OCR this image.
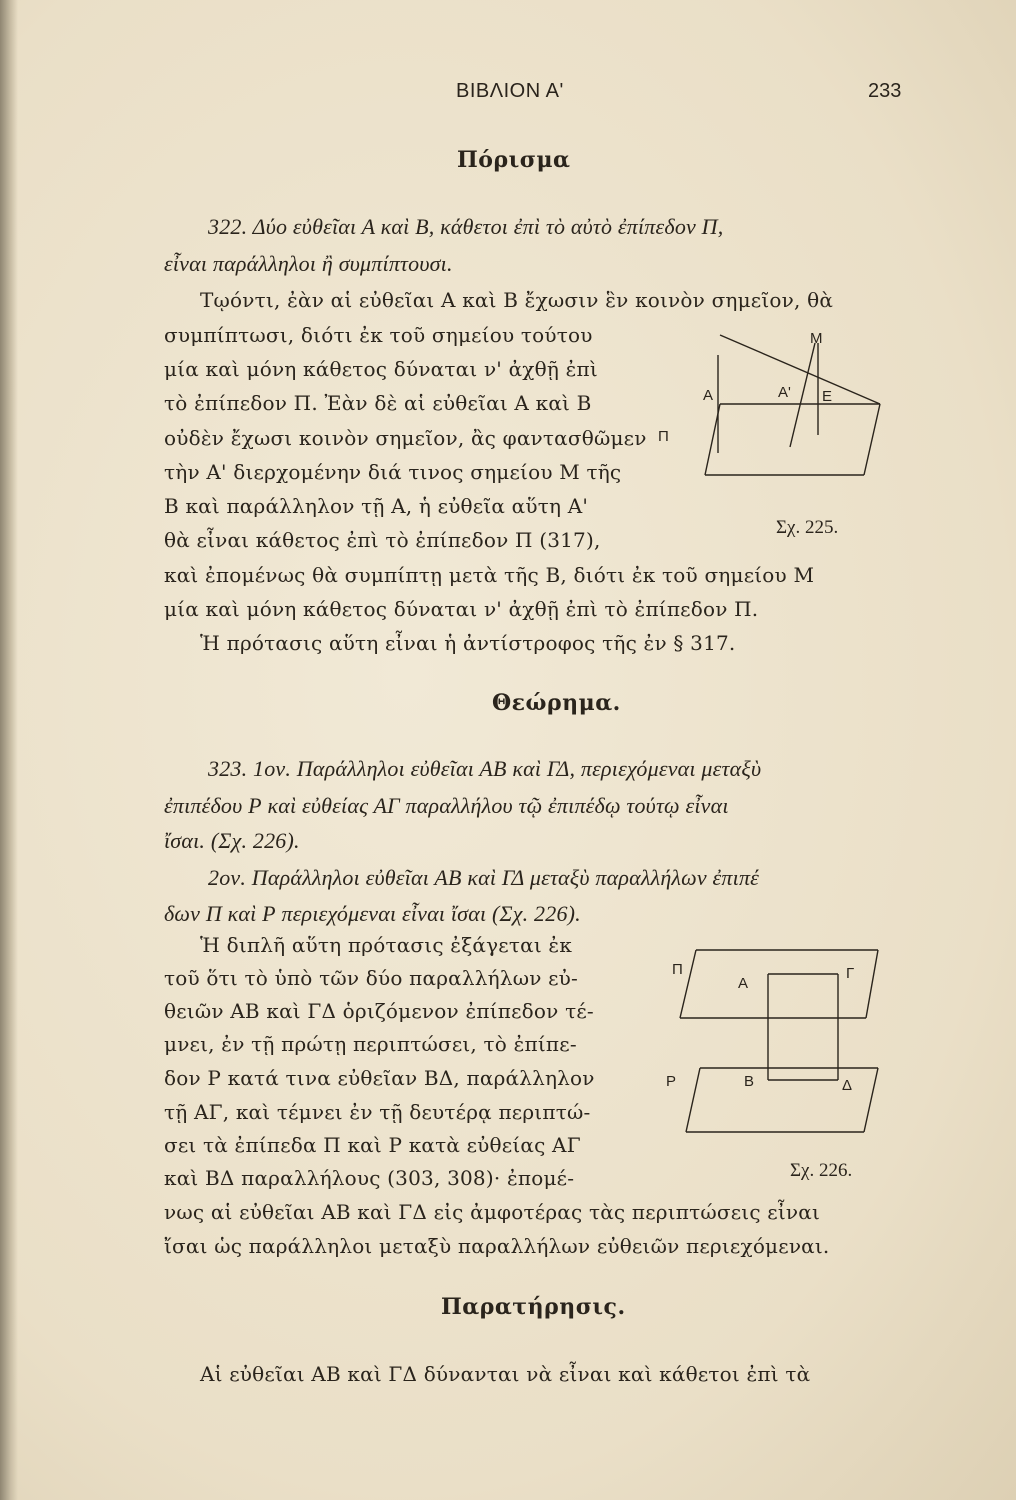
ΒΙΒΛΙΟΝ Α'	233
Πόρισμα
322. Δύο εὐθεῖαι Α καὶ Β, κάθετοι ἐπὶ τὸ αὐτὸ ἐπίπεδον Π,
εἶναι παράλληλοι ἢ συμπίπτουσι.
Τῳόντι, ἐὰν αἱ εὐθεῖαι Α καὶ Β ἔχωσιν ἓν κοινὸν σημεῖον, θὰ
συμπίπτωσι, διότι ἐκ τοῦ σημείου τούτου
μία καὶ μόνη κάθετος δύναται ν' ἀχθῇ ἐπὶ
τὸ ἐπίπεδον Π. Ἐὰν δὲ αἱ εὐθεῖαι Α καὶ Β
οὐδὲν ἔχωσι κοινὸν σημεῖον, ἂς φαντασθῶμεν
τὴν Α' διερχομένην διά τινος σημείου Μ τῆς
Β καὶ παράλληλον τῇ Α, ἡ εὐθεῖα αὕτη Α'
θὰ εἶναι κάθετος ἐπὶ τὸ ἐπίπεδον Π (317),
καὶ ἐπομένως θὰ συμπίπτῃ μετὰ τῆς Β, διότι ἐκ τοῦ σημείου Μ
μία καὶ μόνη κάθετος δύναται ν' ἀχθῇ ἐπὶ τὸ ἐπίπεδον Π.
Ἡ πρότασις αὕτη εἶναι ἡ ἀντίστροφος τῆς ἐν § 317.
A	A' E
M
Π
Σχ. 225.
Θεώρημα.
323. 1ον. Παράλληλοι εὐθεῖαι ΑΒ καὶ ΓΔ, περιεχόμεναι μεταξὺ
ἐπιπέδου Ρ καὶ εὐθείας ΑΓ παραλλήλου τῷ ἐπιπέδῳ τούτῳ εἶναι
ἴσαι. (Σχ. 226).
2ον. Παράλληλοι εὐθεῖαι ΑΒ καὶ ΓΔ μεταξὺ παραλλήλων ἐπιπέ
δων Π καὶ Ρ περιεχόμεναι εἶναι ἴσαι (Σχ. 226).
Ἡ διπλῆ αὕτη πρότασις ἐξάγεται ἐκ
τοῦ ὅτι τὸ ὑπὸ τῶν δύο παραλλήλων εὐ-
θειῶν ΑΒ καὶ ΓΔ ὁριζόμενον ἐπίπεδον τέ-
μνει, ἐν τῇ πρώτῃ περιπτώσει, τὸ ἐπίπε-
δον Ρ κατά τινα εὐθεῖαν ΒΔ, παράλληλον
τῇ ΑΓ, καὶ τέμνει ἐν τῇ δευτέρᾳ περιπτώ-
σει τὰ ἐπίπεδα Π καὶ Ρ κατὰ εὐθείας ΑΓ
καὶ ΒΔ παραλλήλους (303, 308)· ἐπομέ-
νως αἱ εὐθεῖαι ΑΒ καὶ ΓΔ εἰς ἀμφοτέρας τὰς περιπτώσεις εἶναι
ἴσαι ὡς παράλληλοι μεταξὺ παραλλήλων εὐθειῶν περιεχόμεναι.
Π
A
Γ
P	B	Δ
Σχ. 226.
Παρατήρησις.
Αἱ εὐθεῖαι ΑΒ καὶ ΓΔ δύνανται νὰ εἶναι καὶ κάθετοι ἐπὶ τὰ
